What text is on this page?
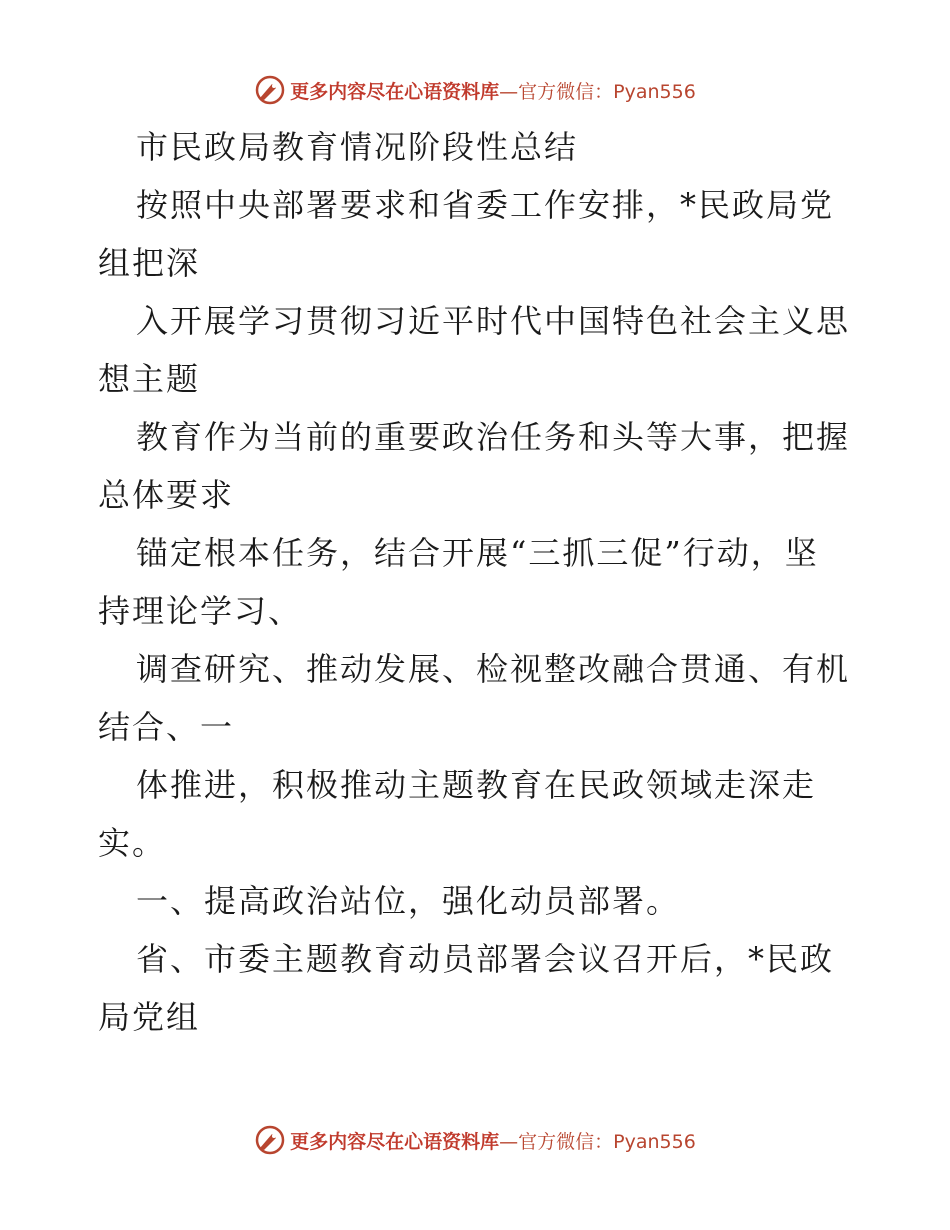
更多内容尽在心语资料库—官方微信：Pyan556
市民政局教育情况阶段性总结
按照中央部署要求和省委工作安排，*民政局党
组把深
入开展学习贯彻习近平时代中国特色社会主义思
想主题
教育作为当前的重要政治任务和头等大事，把握
总体要求
锚定根本任务，结合开展“三抓三促”行动，坚
持理论学习、
调查研究、推动发展、检视整改融合贯通、有机
结合、一
体推进，积极推动主题教育在民政领域走深走
实。
一、提高政治站位，强化动员部署。
省、市委主题教育动员部署会议召开后，*民政
局党组
更多内容尽在心语资料库—官方微信：Pyan556
